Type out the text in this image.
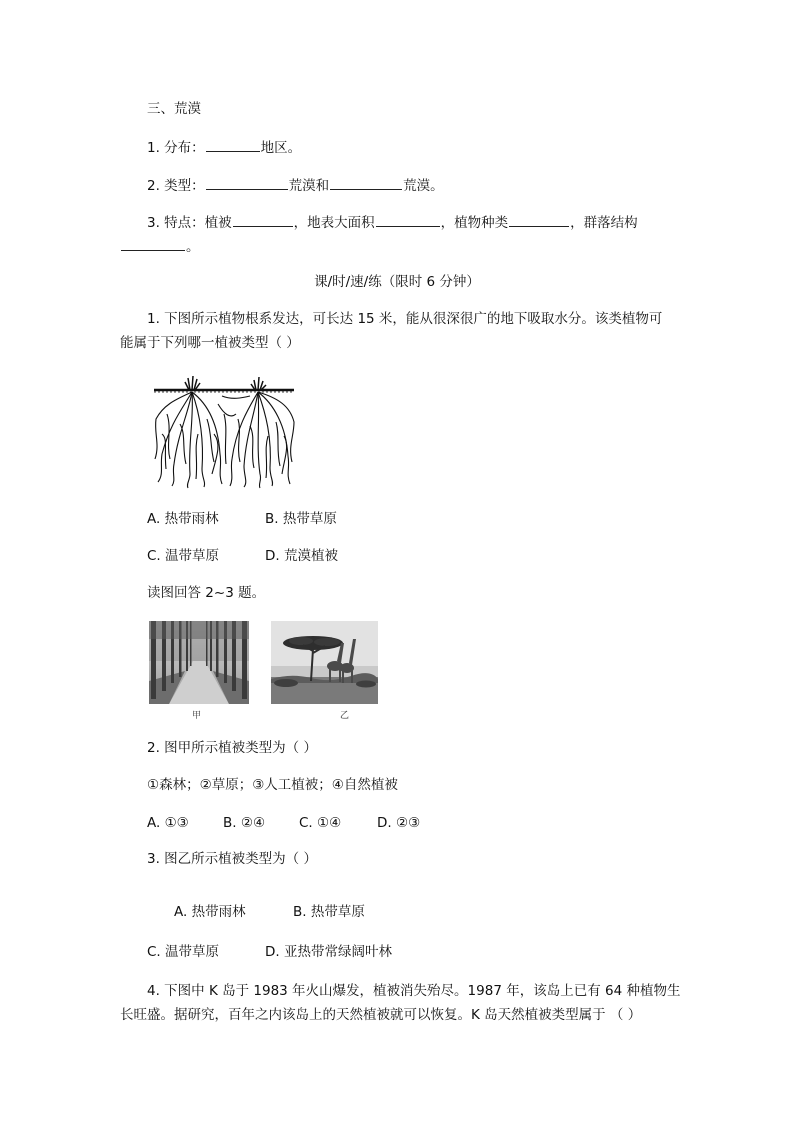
三、荒漠
1. 分布：	地区。
2. 类型：	荒漠和	荒漠。
3. 特点：植被	，地表大面积	，植物种类	，群落结构
。
课/时/速/练（限时 6 分钟）
1. 下图所示植物根系发达，可长达 15 米，能从很深很广的地下吸取水分。该类植物可
能属于下列哪一植被类型（ ）
A. 热带雨林	B. 热带草原
C. 温带草原	D. 荒漠植被
读图回答 2~3 题。
甲	乙
2. 图甲所示植被类型为（ ）
①森林；②草原；③人工植被；④自然植被
A. ①③	B. ②④	C. ①④	D. ②③
3. 图乙所示植被类型为（ ）
A. 热带雨林	B. 热带草原
C. 温带草原	D. 亚热带常绿阔叶林
4. 下图中 K 岛于 1983 年火山爆发，植被消失殆尽。1987 年，该岛上已有 64 种植物生
长旺盛。据研究，百年之内该岛上的天然植被就可以恢复。K 岛天然植被类型属于 （ ）
